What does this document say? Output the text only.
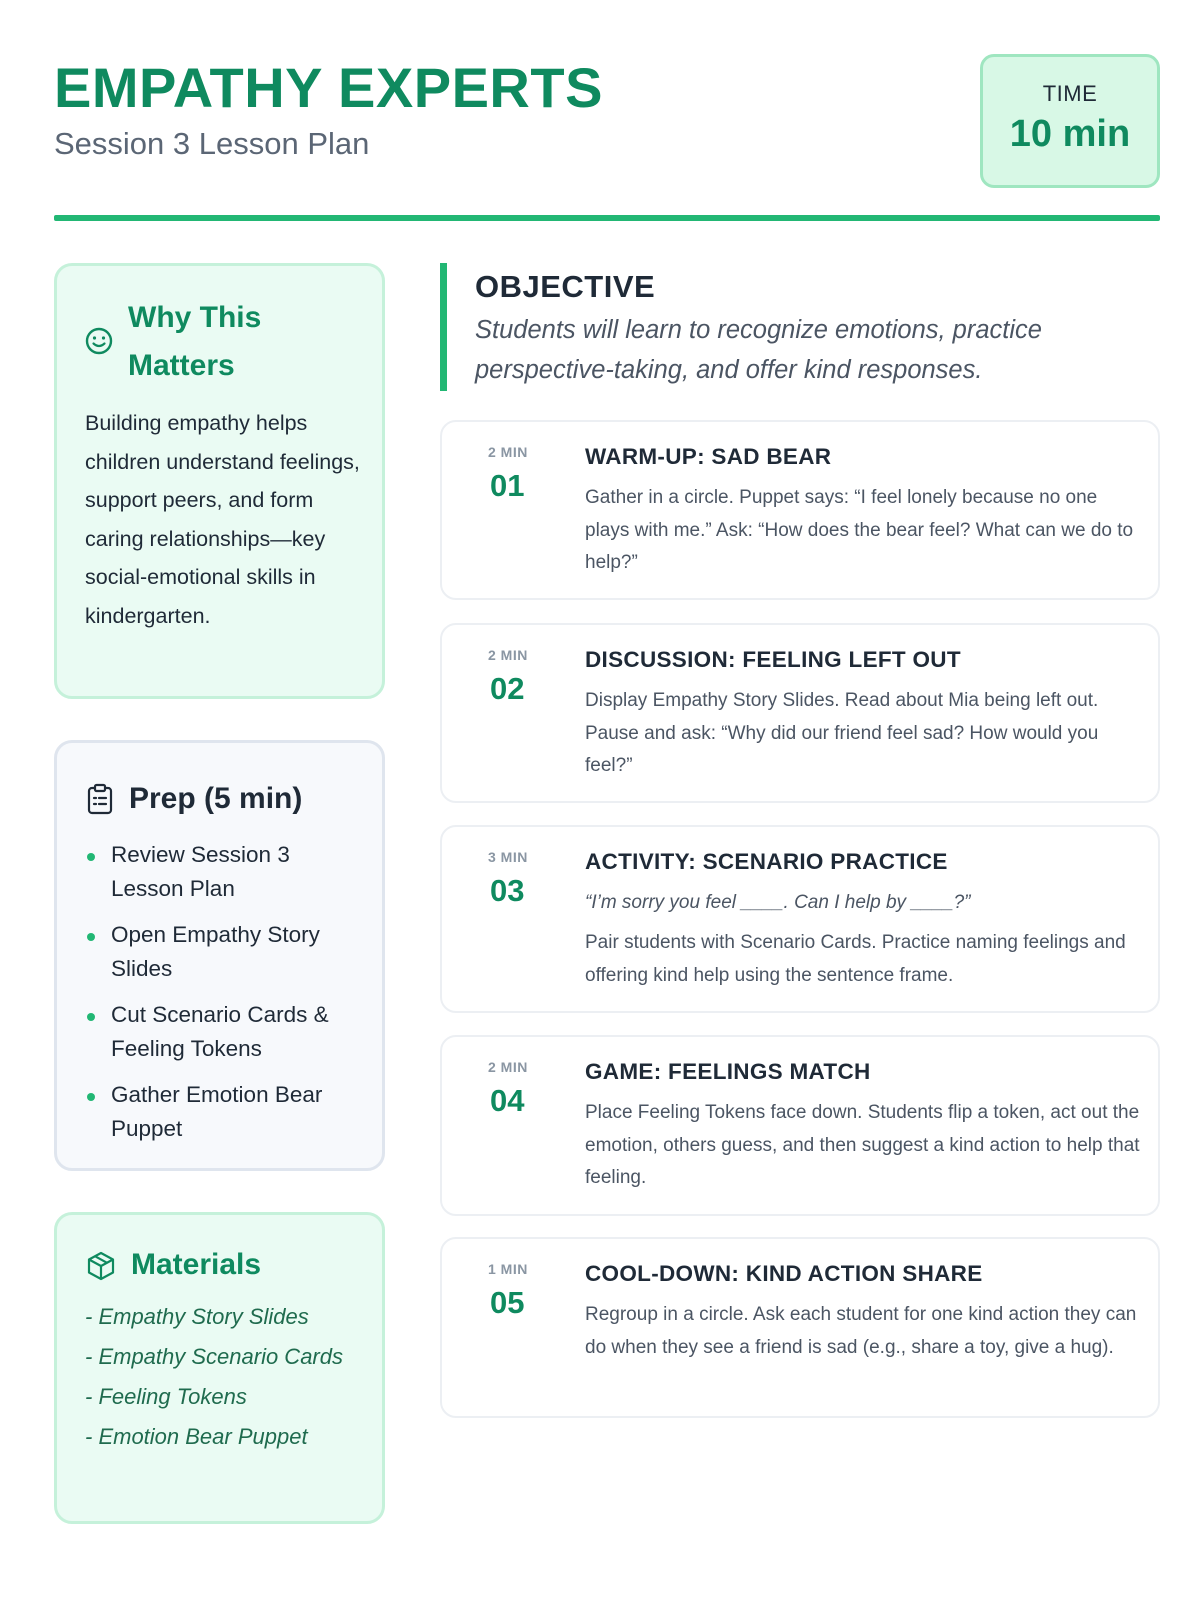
EMPATHY EXPERTS
Session 3 Lesson Plan
TIME
10 min
Why This Matters
Building empathy helps children understand feelings, support peers, and form caring relationships—key social-emotional skills in kindergarten.
Prep (5 min)
Review Session 3 Lesson Plan
Open Empathy Story Slides
Cut Scenario Cards & Feeling Tokens
Gather Emotion Bear Puppet
Materials
- Empathy Story Slides
- Empathy Scenario Cards
- Feeling Tokens
- Emotion Bear Puppet
OBJECTIVE
Students will learn to recognize emotions, practice perspective-taking, and offer kind responses.
2 MIN
01
WARM-UP: SAD BEAR
Gather in a circle. Puppet says: “I feel lonely because no one plays with me.” Ask: “How does the bear feel? What can we do to help?”
2 MIN
02
DISCUSSION: FEELING LEFT OUT
Display Empathy Story Slides. Read about Mia being left out. Pause and ask: “Why did our friend feel sad? How would you feel?”
3 MIN
03
ACTIVITY: SCENARIO PRACTICE
“I’m sorry you feel ____. Can I help by ____?”
Pair students with Scenario Cards. Practice naming feelings and offering kind help using the sentence frame.
2 MIN
04
GAME: FEELINGS MATCH
Place Feeling Tokens face down. Students flip a token, act out the emotion, others guess, and then suggest a kind action to help that feeling.
1 MIN
05
COOL-DOWN: KIND ACTION SHARE
Regroup in a circle. Ask each student for one kind action they can do when they see a friend is sad (e.g., share a toy, give a hug).
